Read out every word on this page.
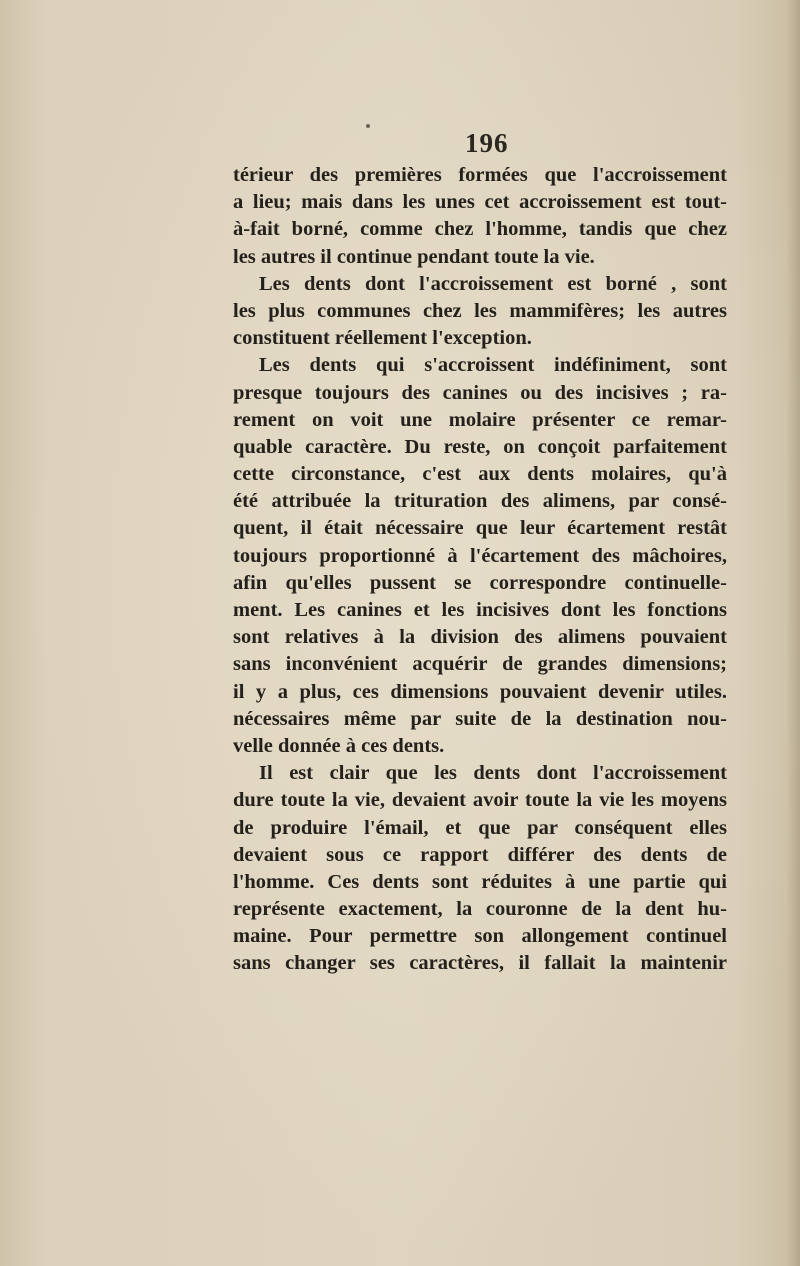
196
térieur des premières formées que l'accroissement
a lieu; mais dans les unes cet accroissement est tout-
à-fait borné, comme chez l'homme, tandis que chez
les autres il continue pendant toute la vie.
Les dents dont l'accroissement est borné , sont
les plus communes chez les mammifères; les autres
constituent réellement l'exception.
Les dents qui s'accroissent indéfiniment, sont
presque toujours des canines ou des incisives ; ra-
rement on voit une molaire présenter ce remar-
quable caractère. Du reste, on conçoit parfaitement
cette circonstance, c'est aux dents molaires, qu'à
été attribuée la trituration des alimens, par consé-
quent, il était nécessaire que leur écartement restât
toujours proportionné à l'écartement des mâchoires,
afin qu'elles pussent se correspondre continuelle-
ment. Les canines et les incisives dont les fonctions
sont relatives à la division des alimens pouvaient
sans inconvénient acquérir de grandes dimensions;
il y a plus, ces dimensions pouvaient devenir utiles.
nécessaires même par suite de la destination nou-
velle donnée à ces dents.
Il est clair que les dents dont l'accroissement
dure toute la vie, devaient avoir toute la vie les moyens
de produire l'émail, et que par conséquent elles
devaient sous ce rapport différer des dents de
l'homme. Ces dents sont réduites à une partie qui
représente exactement, la couronne de la dent hu-
maine. Pour permettre son allongement continuel
sans changer ses caractères, il fallait la maintenir
